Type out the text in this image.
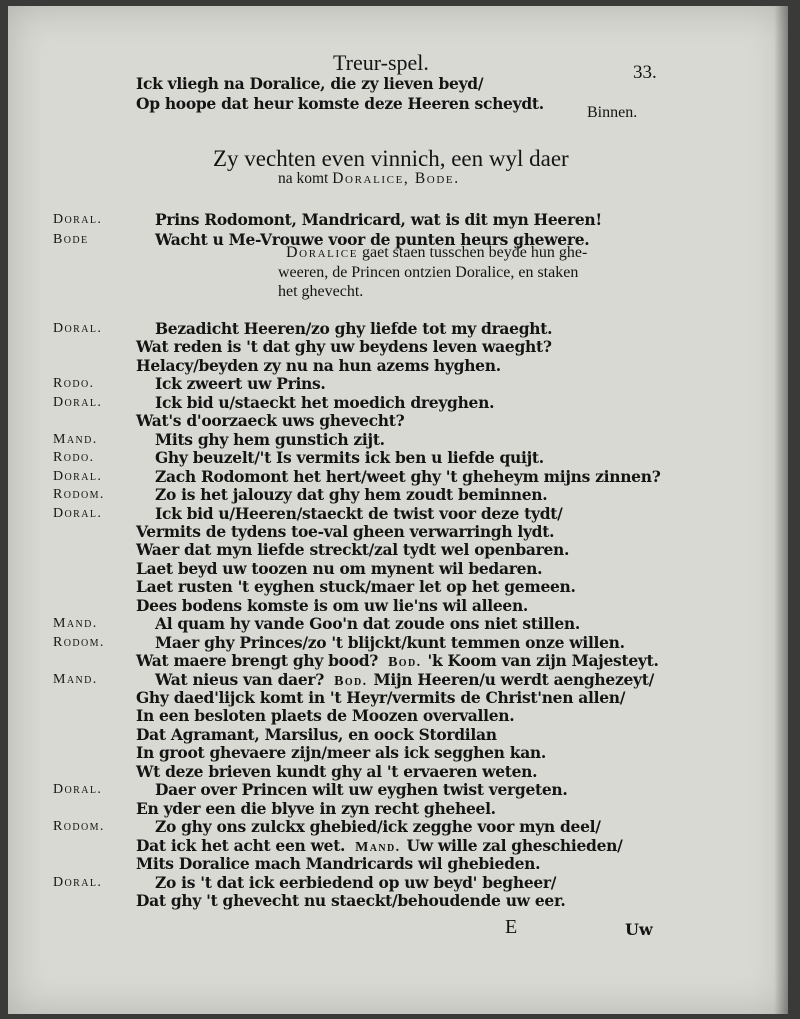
Treur-spel.	33.
Ick vliegh na Doralice, die zy lieven beyd/
Op hoope dat heur komste deze Heeren scheydt.	Binnen.
Zy vechten even vinnich, een wyl daer
na komt Doralice, Bode.
Doral.	Prins Rodomont, Mandricard, wat is dit myn Heeren!
Bode	Wacht u Me-Vrouwe voor de punten heurs ghewere.
Doral.	Bezadicht Heeren/zo ghy liefde tot my draeght.
Wat reden is 't dat ghy uw beydens leven waeght?
Helacy/beyden zy nu na hun azems hyghen.
Rodo.	Ick zweert uw Prins.
Doral.	Ick bid u/staeckt het moedich dreyghen.
Wat's d'oorzaeck uws ghevecht?
Mand.	Mits ghy hem gunstich zijt.
Rodo.	Ghy beuzelt/'t Is vermits ick ben u liefde quijt.
Doral.	Zach Rodomont het hert/weet ghy 't gheheym mijns zinnen?
Rodom.	Zo is het jalouzy dat ghy hem zoudt beminnen.
Doral.	Ick bid u/Heeren/staeckt de twist voor deze tydt/
Vermits de tydens toe-val gheen verwarringh lydt.
Waer dat myn liefde streckt/zal tydt wel openbaren.
Laet beyd uw toozen nu om mynent wil bedaren.
Laet rusten 't eyghen stuck/maer let op het gemeen.
Dees bodens komste is om uw lie'ns wil alleen.
Mand.	Al quam hy vande Goo'n dat zoude ons niet stillen.
Rodom.	Maer ghy Princes/zo 't blijckt/kunt temmen onze willen.
Wat maere brengt ghy bood? Bod. 'k Koom van zijn Majesteyt.
Mand.	Wat nieus van daer? Bod. Mijn Heeren/u werdt aenghezeyt/
Ghy daed'lijck komt in 't Heyr/vermits de Christ'nen allen/
In een besloten plaets de Moozen overvallen.
Dat Agramant, Marsilus, en oock Stordilan
In groot ghevaere zijn/meer als ick segghen kan.
Wt deze brieven kundt ghy al 't ervaeren weten.
Doral.	Daer over Princen wilt uw eyghen twist vergeten.
En yder een die blyve in zyn recht gheheel.
Rodom.	Zo ghy ons zulckx ghebied/ick zegghe voor myn deel/
Dat ick het acht een wet. Mand. Uw wille zal gheschieden/
Mits Doralice mach Mandricards wil ghebieden.
Doral.	Zo is 't dat ick eerbiedend op uw beyd' begheer/
Dat ghy 't ghevecht nu staeckt/behoudende uw eer.
Doralice gaet staen tusschen beyde hun ghe-
weeren, de Princen ontzien Doralice, en staken
het ghevecht.
E	Uw
